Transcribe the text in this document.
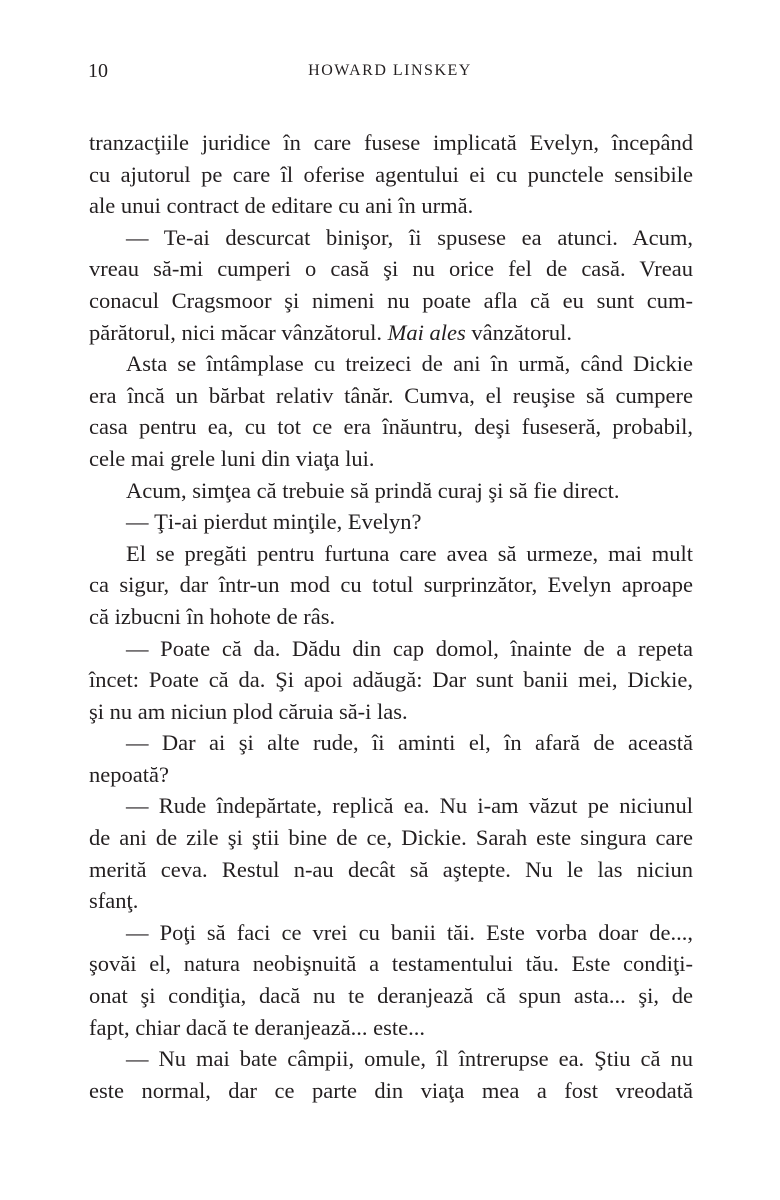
10	HOWARD LINSKEY
tranzacţiile juridice în care fusese implicată Evelyn, începând
cu ajutorul pe care îl oferise agentului ei cu punctele sensibile
ale unui contract de editare cu ani în urmă.
— Te-ai descurcat binişor, îi spusese ea atunci. Acum,
vreau să-mi cumperi o casă şi nu orice fel de casă. Vreau
conacul Cragsmoor şi nimeni nu poate afla că eu sunt cum-
părătorul, nici măcar vânzătorul. Mai ales vânzătorul.
Asta se întâmplase cu treizeci de ani în urmă, când Dickie
era încă un bărbat relativ tânăr. Cumva, el reuşise să cumpere
casa pentru ea, cu tot ce era înăuntru, deşi fuseseră, probabil,
cele mai grele luni din viaţa lui.
Acum, simţea că trebuie să prindă curaj şi să fie direct.
— Ţi-ai pierdut minţile, Evelyn?
El se pregăti pentru furtuna care avea să urmeze, mai mult
ca sigur, dar într-un mod cu totul surprinzător, Evelyn aproape
că izbucni în hohote de râs.
— Poate că da. Dădu din cap domol, înainte de a repeta
încet: Poate că da. Şi apoi adăugă: Dar sunt banii mei, Dickie,
şi nu am niciun plod căruia să-i las.
— Dar ai şi alte rude, îi aminti el, în afară de această
nepoată?
— Rude îndepărtate, replică ea. Nu i-am văzut pe niciunul
de ani de zile şi ştii bine de ce, Dickie. Sarah este singura care
merită ceva. Restul n-au decât să aştepte. Nu le las niciun
sfanţ.
— Poţi să faci ce vrei cu banii tăi. Este vorba doar de...,
şovăi el, natura neobişnuită a testamentului tău. Este condiţi-
onat şi condiţia, dacă nu te deranjează că spun asta... şi, de
fapt, chiar dacă te deranjează... este...
— Nu mai bate câmpii, omule, îl întrerupse ea. Ştiu că nu
este normal, dar ce parte din viaţa mea a fost vreodată
